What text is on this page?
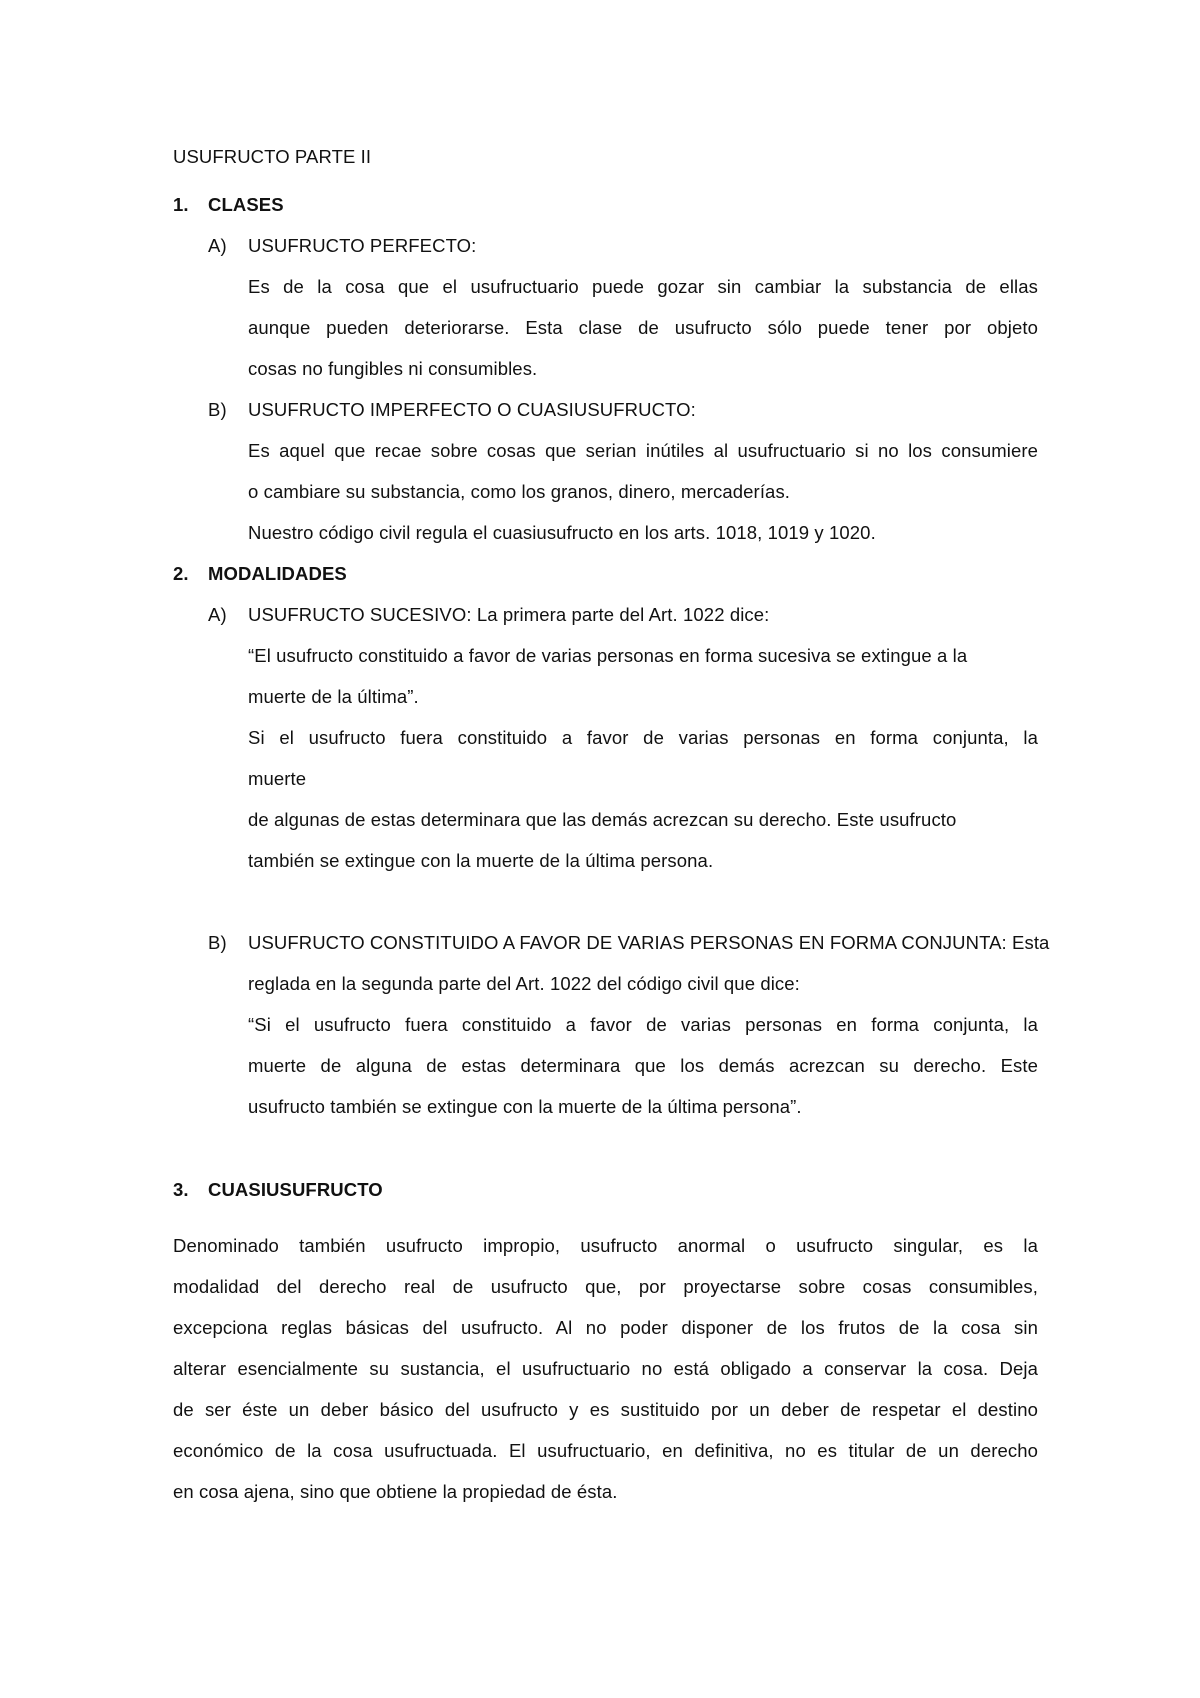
USUFRUCTO PARTE II
1. CLASES
A) USUFRUCTO PERFECTO:
Es de la cosa que el usufructuario puede gozar sin cambiar la substancia de ellas
aunque pueden deteriorarse. Esta clase de usufructo sólo puede tener por objeto
cosas no fungibles ni consumibles.
B) USUFRUCTO IMPERFECTO O CUASIUSUFRUCTO:
Es aquel que recae sobre cosas que serian inútiles al usufructuario si no los consumiere
o cambiare su substancia, como los granos, dinero, mercaderías.
Nuestro código civil regula el cuasiusufructo en los arts. 1018, 1019 y 1020.
2. MODALIDADES
A) USUFRUCTO SUCESIVO: La primera parte del Art. 1022 dice:
“El usufructo constituido a favor de varias personas en forma sucesiva se extingue a la
muerte de la última”.
Si el usufructo fuera constituido a favor de varias personas en forma conjunta, la
muerte
de algunas de estas determinara que las demás acrezcan su derecho. Este usufructo
también se extingue con la muerte de la última persona.
B) USUFRUCTO CONSTITUIDO A FAVOR DE VARIAS PERSONAS EN FORMA CONJUNTA: Esta
reglada en la segunda parte del Art. 1022 del código civil que dice:
“Si el usufructo fuera constituido a favor de varias personas en forma conjunta, la
muerte de alguna de estas determinara que los demás acrezcan su derecho. Este
usufructo también se extingue con la muerte de la última persona”.
3. CUASIUSUFRUCTO
Denominado también usufructo impropio, usufructo anormal o usufructo singular, es la
modalidad del derecho real de usufructo que, por proyectarse sobre cosas consumibles,
excepciona reglas básicas del usufructo. Al no poder disponer de los frutos de la cosa sin
alterar esencialmente su sustancia, el usufructuario no está obligado a conservar la cosa. Deja
de ser éste un deber básico del usufructo y es sustituido por un deber de respetar el destino
económico de la cosa usufructuada. El usufructuario, en definitiva, no es titular de un derecho
en cosa ajena, sino que obtiene la propiedad de ésta.
